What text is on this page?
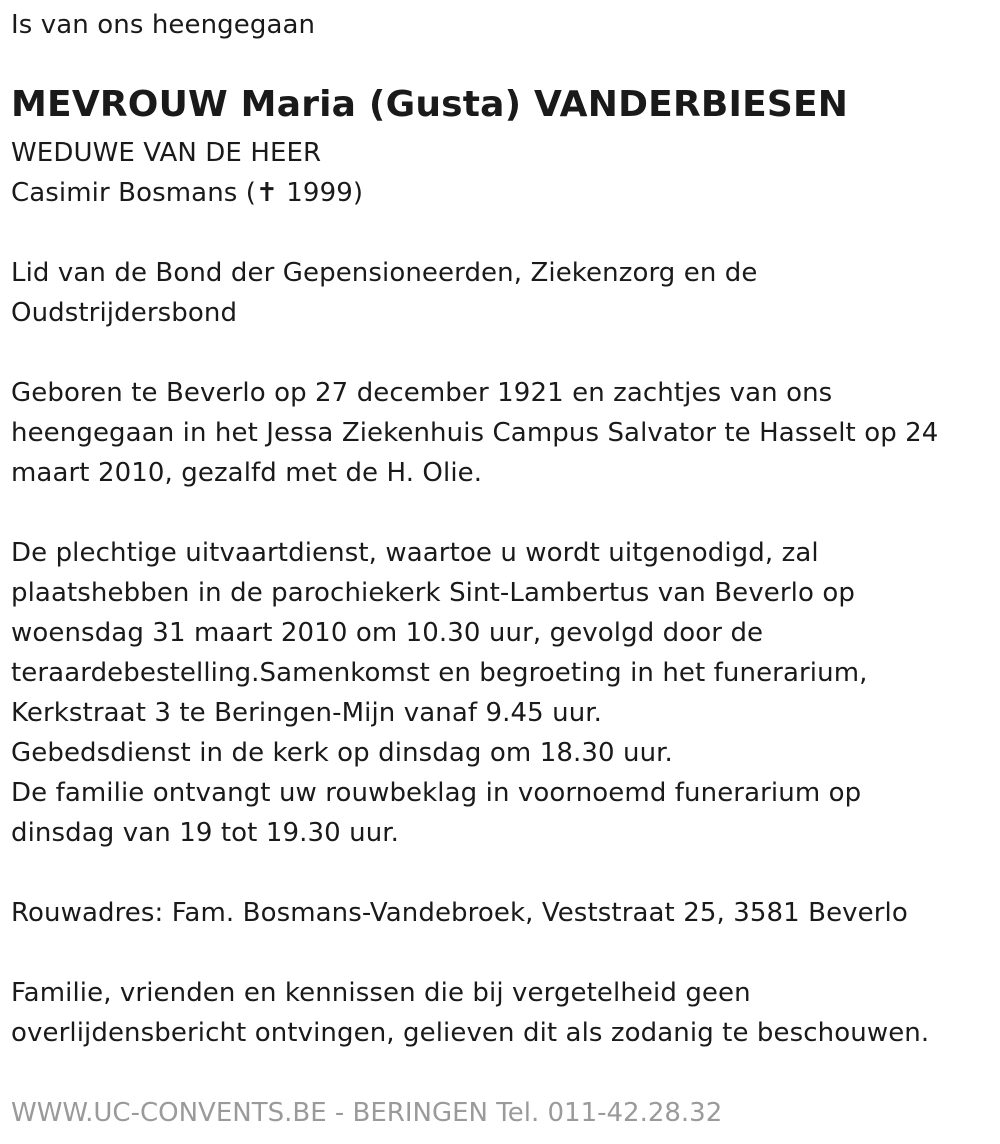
Is van ons heengegaan
MEVROUW Maria (Gusta) VANDERBIESEN
WEDUWE VAN DE HEER
Casimir Bosmans (✝ 1999)
Lid van de Bond der Gepensioneerden, Ziekenzorg en de
Oudstrijdersbond
Geboren te Beverlo op 27 december 1921 en zachtjes van ons
heengegaan in het Jessa Ziekenhuis Campus Salvator te Hasselt op 24
maart 2010, gezalfd met de H. Olie.
De plechtige uitvaartdienst, waartoe u wordt uitgenodigd, zal
plaatshebben in de parochiekerk Sint-Lambertus van Beverlo op
woensdag 31 maart 2010 om 10.30 uur, gevolgd door de
teraardebestelling.Samenkomst en begroeting in het funerarium,
Kerkstraat 3 te Beringen-Mijn vanaf 9.45 uur.
Gebedsdienst in de kerk op dinsdag om 18.30 uur.
De familie ontvangt uw rouwbeklag in voornoemd funerarium op
dinsdag van 19 tot 19.30 uur.
Rouwadres: Fam. Bosmans-Vandebroek, Veststraat 25, 3581 Beverlo
Familie, vrienden en kennissen die bij vergetelheid geen
overlijdensbericht ontvingen, gelieven dit als zodanig te beschouwen.
WWW.UC-CONVENTS.BE - BERINGEN Tel. 011-42.28.32
